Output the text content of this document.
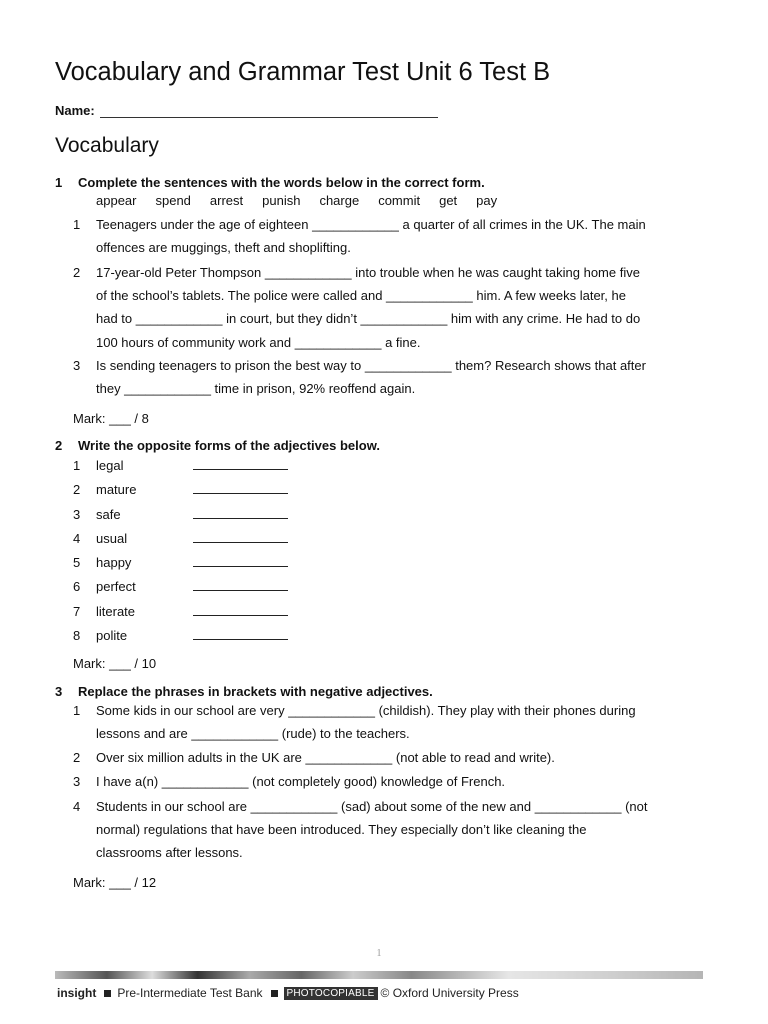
Vocabulary and Grammar Test Unit 6 Test B
Name:
Vocabulary
1 Complete the sentences with the words below in the correct form.
appear spend arrest punish charge commit get pay
1 Teenagers under the age of eighteen ____________ a quarter of all crimes in the UK. The main
offences are muggings, theft and shoplifting.
2 17-year-old Peter Thompson ____________ into trouble when he was caught taking home five
of the school’s tablets. The police were called and ____________ him. A few weeks later, he
had to ____________ in court, but they didn’t ____________ him with any crime. He had to do
100 hours of community work and ____________ a fine.
3 Is sending teenagers to prison the best way to ____________ them? Research shows that after
they ____________ time in prison, 92% reoffend again.
Mark: ___ / 8
2 Write the opposite forms of the adjectives below.
1	legal
2	mature
3	safe
4	usual
5	happy
6	perfect
7	literate
8	polite
Mark: ___ / 10
3 Replace the phrases in brackets with negative adjectives.
1 Some kids in our school are very ____________ (childish). They play with their phones during
lessons and are ____________ (rude) to the teachers.
2 Over six million adults in the UK are ____________ (not able to read and write).
3 I have a(n) ____________ (not completely good) knowledge of French.
4 Students in our school are ____________ (sad) about some of the new and ____________ (not
normal) regulations that have been introduced. They especially don’t like cleaning the
classrooms after lessons.
Mark: ___ / 12
1
insight Pre-Intermediate Test Bank	PHOTOCOPIABLE © Oxford University Press
